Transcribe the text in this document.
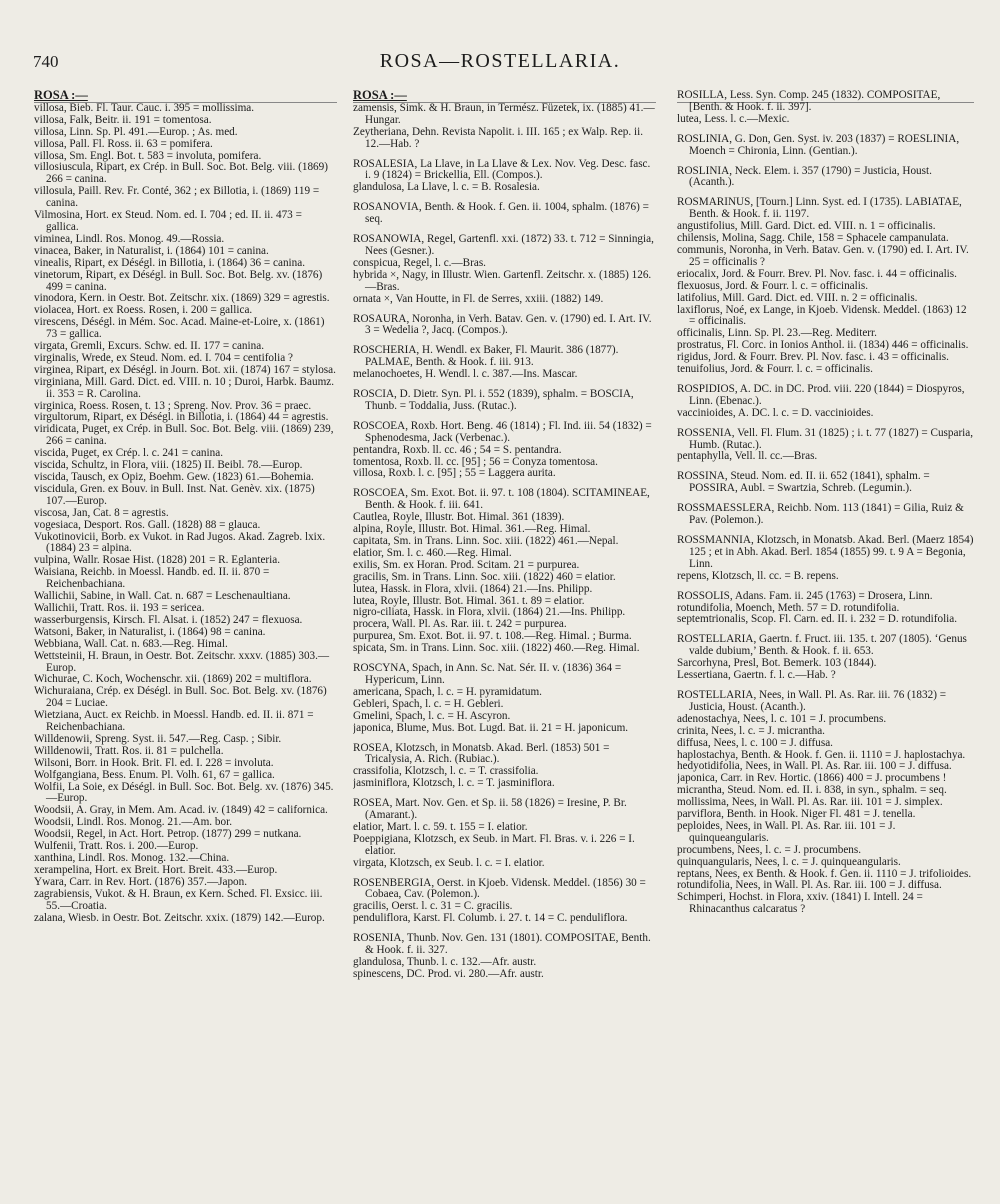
740	ROSA—ROSTELLARIA.
ROSA :—
villosa, Bieb. Fl. Taur. Cauc. i. 395 = mollissima.
villosa, Falk, Beitr. ii. 191 = tomentosa.
villosa, Linn. Sp. Pl. 491.—Europ. ; As. med.
villosa, Pall. Fl. Ross. ii. 63 = pomifera.
villosa, Sm. Engl. Bot. t. 583 = involuta, pomifera.
villosiuscula, Ripart, ex Crép. in Bull. Soc. Bot. Belg. viii. (1869) 266 = canina.
villosula, Paill. Rev. Fr. Conté, 362 ; ex Billotia, i. (1869) 119 = canina.
Vilmosina, Hort. ex Steud. Nom. ed. I. 704 ; ed. II. ii. 473 = gallica.
viminea, Lindl. Ros. Monog. 49.—Rossia.
vinacea, Baker, in Naturalist, i. (1864) 101 = canina.
vinealis, Ripart, ex Déségl. in Billotia, i. (1864) 36 = canina.
vinetorum, Ripart, ex Déségl. in Bull. Soc. Bot. Belg. xv. (1876) 499 = canina.
vinodora, Kern. in Oestr. Bot. Zeitschr. xix. (1869) 329 = agrestis.
violacea, Hort. ex Roess. Rosen, i. 200 = gallica.
virescens, Déségl. in Mém. Soc. Acad. Maine-et-Loire, x. (1861) 73 = gallica.
virgata, Gremli, Excurs. Schw. ed. II. 177 = canina.
virginalis, Wrede, ex Steud. Nom. ed. I. 704 = centifolia ?
virginea, Ripart, ex Déségl. in Journ. Bot. xii. (1874) 167 = stylosa.
virginiana, Mill. Gard. Dict. ed. VIII. n. 10 ; Duroi, Harbk. Baumz. ii. 353 = R. Carolina.
virginica, Roess. Rosen, t. 13 ; Spreng. Nov. Prov. 36 = praec.
virgultorum, Ripart, ex Déségl. in Billotia, i. (1864) 44 = agrestis.
viridicata, Puget, ex Crép. in Bull. Soc. Bot. Belg. viii. (1869) 239, 266 = canina.
viscida, Puget, ex Crép. l. c. 241 = canina.
viscida, Schultz, in Flora, viii. (1825) II. Beibl. 78.—Europ.
viscida, Tausch, ex Opiz, Boehm. Gew. (1823) 61.—Bohemia.
viscidula, Gren. ex Bouv. in Bull. Inst. Nat. Genèv. xix. (1875) 107.—Europ.
viscosa, Jan, Cat. 8 = agrestis.
vogesiaca, Desport. Ros. Gall. (1828) 88 = glauca.
Vukotinovicii, Borb. ex Vukot. in Rad Jugos. Akad. Zagreb. lxix. (1884) 23 = alpina.
vulpina, Wallr. Rosae Hist. (1828) 201 = R. Eglanteria.
Waisiana, Reichb. in Moessl. Handb. ed. II. ii. 870 = Reichenbachiana.
Wallichii, Sabine, in Wall. Cat. n. 687 = Leschenaultiana.
Wallichii, Tratt. Ros. ii. 193 = sericea.
wasserburgensis, Kirsch. Fl. Alsat. i. (1852) 247 = flexuosa.
Watsoni, Baker, in Naturalist, i. (1864) 98 = canina.
Webbiana, Wall. Cat. n. 683.—Reg. Himal.
Wettsteinii, H. Braun, in Oestr. Bot. Zeitschr. xxxv. (1885) 303.—Europ.
Wichurae, C. Koch, Wochenschr. xii. (1869) 202 = multiflora.
Wichuraiana, Crép. ex Déségl. in Bull. Soc. Bot. Belg. xv. (1876) 204 = Luciae.
Wietziana, Auct. ex Reichb. in Moessl. Handb. ed. II. ii. 871 = Reichenbachiana.
Willdenowii, Spreng. Syst. ii. 547.—Reg. Casp. ; Sibir.
Willdenowii, Tratt. Ros. ii. 81 = pulchella.
Wilsoni, Borr. in Hook. Brit. Fl. ed. I. 228 = involuta.
Wolfgangiana, Bess. Enum. Pl. Volh. 61, 67 = gallica.
Wolfii, La Soie, ex Déségl. in Bull. Soc. Bot. Belg. xv. (1876) 345.—Europ.
Woodsii, A. Gray, in Mem. Am. Acad. iv. (1849) 42 = californica.
Woodsii, Lindl. Ros. Monog. 21.—Am. bor.
Woodsii, Regel, in Act. Hort. Petrop. (1877) 299 = nutkana.
Wulfenii, Tratt. Ros. i. 200.—Europ.
xanthina, Lindl. Ros. Monog. 132.—China.
xerampelina, Hort. ex Breit. Hort. Breit. 433.—Europ.
Ywara, Carr. in Rev. Hort. (1876) 357.—Japon.
zagrabiensis, Vukot. & H. Braun, ex Kern. Sched. Fl. Exsicc. iii. 55.—Croatia.
zalana, Wiesb. in Oestr. Bot. Zeitschr. xxix. (1879) 142.—Europ.
ROSA :—
zamensis, Simk. & H. Braun, in Termész. Füzetek, ix. (1885) 41.—Hungar.
Zeytheriana, Dehn. Revista Napolit. i. III. 165 ; ex Walp. Rep. ii. 12.—Hab. ?
ROSALESIA, La Llave, in La Llave & Lex. Nov. Veg. Desc. fasc. i. 9 (1824) = Brickellia, Ell. (Compos.).
glandulosa, La Llave, l. c. = B. Rosalesia.
ROSANOVIA, Benth. & Hook. f. Gen. ii. 1004, sphalm. (1876) = seq.
ROSANOWIA, Regel, Gartenfl. xxi. (1872) 33. t. 712 = Sinningia, Nees (Gesner.).
conspicua, Regel, l. c.—Bras.
hybrida ×, Nagy, in Illustr. Wien. Gartenfl. Zeitschr. x. (1885) 126.—Bras.
ornata ×, Van Houtte, in Fl. de Serres, xxiii. (1882) 149.
ROSAURA, Noronha, in Verh. Batav. Gen. v. (1790) ed. I. Art. IV. 3 = Wedelia ?, Jacq. (Compos.).
ROSCHERIA, H. Wendl. ex Baker, Fl. Maurit. 386 (1877). PALMAE, Benth. & Hook. f. iii. 913.
melanochoetes, H. Wendl. l. c. 387.—Ins. Mascar.
ROSCIA, D. Dietr. Syn. Pl. i. 552 (1839), sphalm. = BOSCIA, Thunb. = Toddalia, Juss. (Rutac.).
ROSCOEA, Roxb. Hort. Beng. 46 (1814) ; Fl. Ind. iii. 54 (1832) = Sphenodesma, Jack (Verbenac.).
pentandra, Roxb. ll. cc. 46 ; 54 = S. pentandra.
tomentosa, Roxb. ll. cc. [95] ; 56 = Conyza tomentosa.
villosa, Roxb. l. c. [95] ; 55 = Laggera aurita.
ROSCOEA, Sm. Exot. Bot. ii. 97. t. 108 (1804). SCITAMINEAE, Benth. & Hook. f. iii. 641.
Cautlea, Royle, Illustr. Bot. Himal. 361 (1839).
alpina, Royle, Illustr. Bot. Himal. 361.—Reg. Himal.
capitata, Sm. in Trans. Linn. Soc. xiii. (1822) 461.—Nepal.
elatior, Sm. l. c. 460.—Reg. Himal.
exilis, Sm. ex Horan. Prod. Scitam. 21 = purpurea.
gracilis, Sm. in Trans. Linn. Soc. xiii. (1822) 460 = elatior.
lutea, Hassk. in Flora, xlvii. (1864) 21.—Ins. Philipp.
lutea, Royle, Illustr. Bot. Himal. 361. t. 89 = elatior.
nigro-ciliata, Hassk. in Flora, xlvii. (1864) 21.—Ins. Philipp.
procera, Wall. Pl. As. Rar. iii. t. 242 = purpurea.
purpurea, Sm. Exot. Bot. ii. 97. t. 108.—Reg. Himal. ; Burma.
spicata, Sm. in Trans. Linn. Soc. xiii. (1822) 460.—Reg. Himal.
ROSCYNA, Spach, in Ann. Sc. Nat. Sér. II. v. (1836) 364 = Hypericum, Linn.
americana, Spach, l. c. = H. pyramidatum.
Gebleri, Spach, l. c. = H. Gebleri.
Gmelini, Spach, l. c. = H. Ascyron.
japonica, Blume, Mus. Bot. Lugd. Bat. ii. 21 = H. japonicum.
ROSEA, Klotzsch, in Monatsb. Akad. Berl. (1853) 501 = Tricalysia, A. Rich. (Rubiac.).
crassifolia, Klotzsch, l. c. = T. crassifolia.
jasminiflora, Klotzsch, l. c. = T. jasminiflora.
ROSEA, Mart. Nov. Gen. et Sp. ii. 58 (1826) = Iresine, P. Br. (Amarant.).
elatior, Mart. l. c. 59. t. 155 = I. elatior.
Poeppigiana, Klotzsch, ex Seub. in Mart. Fl. Bras. v. i. 226 = I. elatior.
virgata, Klotzsch, ex Seub. l. c. = I. elatior.
ROSENBERGIA, Oerst. in Kjoeb. Vidensk. Meddel. (1856) 30 = Cobaea, Cav. (Polemon.).
gracilis, Oerst. l. c. 31 = C. gracilis.
penduliflora, Karst. Fl. Columb. i. 27. t. 14 = C. penduliflora.
ROSENIA, Thunb. Nov. Gen. 131 (1801). COMPOSITAE, Benth. & Hook. f. ii. 327.
glandulosa, Thunb. l. c. 132.—Afr. austr.
spinescens, DC. Prod. vi. 280.—Afr. austr.
ROSILLA, Less. Syn. Comp. 245 (1832). COMPOSITAE, [Benth. & Hook. f. ii. 397].
lutea, Less. l. c.—Mexic.
ROSLINIA, G. Don, Gen. Syst. iv. 203 (1837) = ROESLINIA, Moench = Chironia, Linn. (Gentian.).
ROSLINIA, Neck. Elem. i. 357 (1790) = Justicia, Houst. (Acanth.).
ROSMARINUS, [Tourn.] Linn. Syst. ed. I (1735). LABIATAE, Benth. & Hook. f. ii. 1197.
angustifolius, Mill. Gard. Dict. ed. VIII. n. 1 = officinalis.
chilensis, Molina, Sagg. Chile, 158 = Sphacele campanulata.
communis, Noronha, in Verh. Batav. Gen. v. (1790) ed. I. Art. IV. 25 = officinalis ?
eriocalix, Jord. & Fourr. Brev. Pl. Nov. fasc. i. 44 = officinalis.
flexuosus, Jord. & Fourr. l. c. = officinalis.
latifolius, Mill. Gard. Dict. ed. VIII. n. 2 = officinalis.
laxiflorus, Noé, ex Lange, in Kjoeb. Vidensk. Meddel. (1863) 12 = officinalis.
officinalis, Linn. Sp. Pl. 23.—Reg. Mediterr.
prostratus, Fl. Corc. in Ionios Anthol. ii. (1834) 446 = officinalis.
rigidus, Jord. & Fourr. Brev. Pl. Nov. fasc. i. 43 = officinalis.
tenuifolius, Jord. & Fourr. l. c. = officinalis.
ROSPIDIOS, A. DC. in DC. Prod. viii. 220 (1844) = Diospyros, Linn. (Ebenac.).
vaccinioides, A. DC. l. c. = D. vaccinioides.
ROSSENIA, Vell. Fl. Flum. 31 (1825) ; i. t. 77 (1827) = Cusparia, Humb. (Rutac.).
pentaphylla, Vell. ll. cc.—Bras.
ROSSINA, Steud. Nom. ed. II. ii. 652 (1841), sphalm. = POSSIRA, Aubl. = Swartzia, Schreb. (Legumin.).
ROSSMAESSLERA, Reichb. Nom. 113 (1841) = Gilia, Ruiz & Pav. (Polemon.).
ROSSMANNIA, Klotzsch, in Monatsb. Akad. Berl. (Maerz 1854) 125 ; et in Abh. Akad. Berl. 1854 (1855) 99. t. 9 A = Begonia, Linn.
repens, Klotzsch, ll. cc. = B. repens.
ROSSOLIS, Adans. Fam. ii. 245 (1763) = Drosera, Linn.
rotundifolia, Moench, Meth. 57 = D. rotundifolia.
septemtrionalis, Scop. Fl. Carn. ed. II. i. 232 = D. rotundifolia.
ROSTELLARIA, Gaertn. f. Fruct. iii. 135. t. 207 (1805). ‘Genus valde dubium,’ Benth. & Hook. f. ii. 653.
Sarcorhyna, Presl, Bot. Bemerk. 103 (1844).
Lessertiana, Gaertn. f. l. c.—Hab. ?
ROSTELLARIA, Nees, in Wall. Pl. As. Rar. iii. 76 (1832) = Justicia, Houst. (Acanth.).
adenostachya, Nees, l. c. 101 = J. procumbens.
crinita, Nees, l. c. = J. micrantha.
diffusa, Nees, l. c. 100 = J. diffusa.
haplostachya, Benth. & Hook. f. Gen. ii. 1110 = J. haplostachya.
hedyotidifolia, Nees, in Wall. Pl. As. Rar. iii. 100 = J. diffusa.
japonica, Carr. in Rev. Hortic. (1866) 400 = J. procumbens !
micrantha, Steud. Nom. ed. II. i. 838, in syn., sphalm. = seq.
mollissima, Nees, in Wall. Pl. As. Rar. iii. 101 = J. simplex.
parviflora, Benth. in Hook. Niger Fl. 481 = J. tenella.
peploides, Nees, in Wall. Pl. As. Rar. iii. 101 = J. quinqueangularis.
procumbens, Nees, l. c. = J. procumbens.
quinquangularis, Nees, l. c. = J. quinqueangularis.
reptans, Nees, ex Benth. & Hook. f. Gen. ii. 1110 = J. trifolioides.
rotundifolia, Nees, in Wall. Pl. As. Rar. iii. 100 = J. diffusa.
Schimperi, Hochst. in Flora, xxiv. (1841) I. Intell. 24 = Rhinacanthus calcaratus ?
